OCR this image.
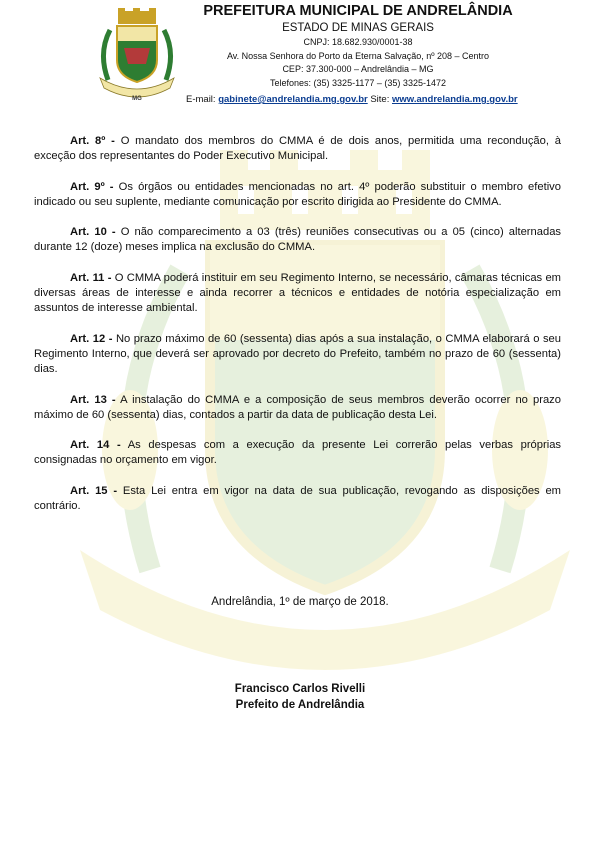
MG
PREFEITURA MUNICIPAL DE ANDRELÂNDIA
ESTADO DE MINAS GERAIS
CNPJ: 18.682.930/0001-38
Av. Nossa Senhora do Porto da Eterna Salvação, nº 208 – Centro
CEP: 37.300-000 – Andrelândia – MG
Telefones: (35) 3325-1177 – (35) 3325-1472
E-mail: gabinete@andrelandia.mg.gov.br Site: www.andrelandia.mg.gov.br

Art. 8º - O mandato dos membros do CMMA é de dois anos, permitida uma recondução, à exceção dos representantes do Poder Executivo Municipal.

Art. 9º - Os órgãos ou entidades mencionadas no art. 4º poderão substituir o membro efetivo indicado ou seu suplente, mediante comunicação por escrito dirigida ao Presidente do CMMA.

Art. 10 - O não comparecimento a 03 (três) reuniões consecutivas ou a 05 (cinco) alternadas durante 12 (doze) meses implica na exclusão do CMMA.

Art. 11 - O CMMA poderá instituir em seu Regimento Interno, se necessário, câmaras técnicas em diversas áreas de interesse e ainda recorrer a técnicos e entidades de notória especialização em assuntos de interesse ambiental.

Art. 12 - No prazo máximo de 60 (sessenta) dias após a sua instalação, o CMMA elaborará o seu Regimento Interno, que deverá ser aprovado por decreto do Prefeito, também no prazo de 60 (sessenta) dias.

Art. 13 - A instalação do CMMA e a composição de seus membros deverão ocorrer no prazo máximo de 60 (sessenta) dias, contados a partir da data de publicação desta Lei.

Art. 14 - As despesas com a execução da presente Lei correrão pelas verbas próprias consignadas no orçamento em vigor.

Art. 15 - Esta Lei entra em vigor na data de sua publicação, revogando as disposições em contrário.

Andrelândia, 1º de março de 2018.
Francisco Carlos Rivelli
Prefeito de Andrelândia
